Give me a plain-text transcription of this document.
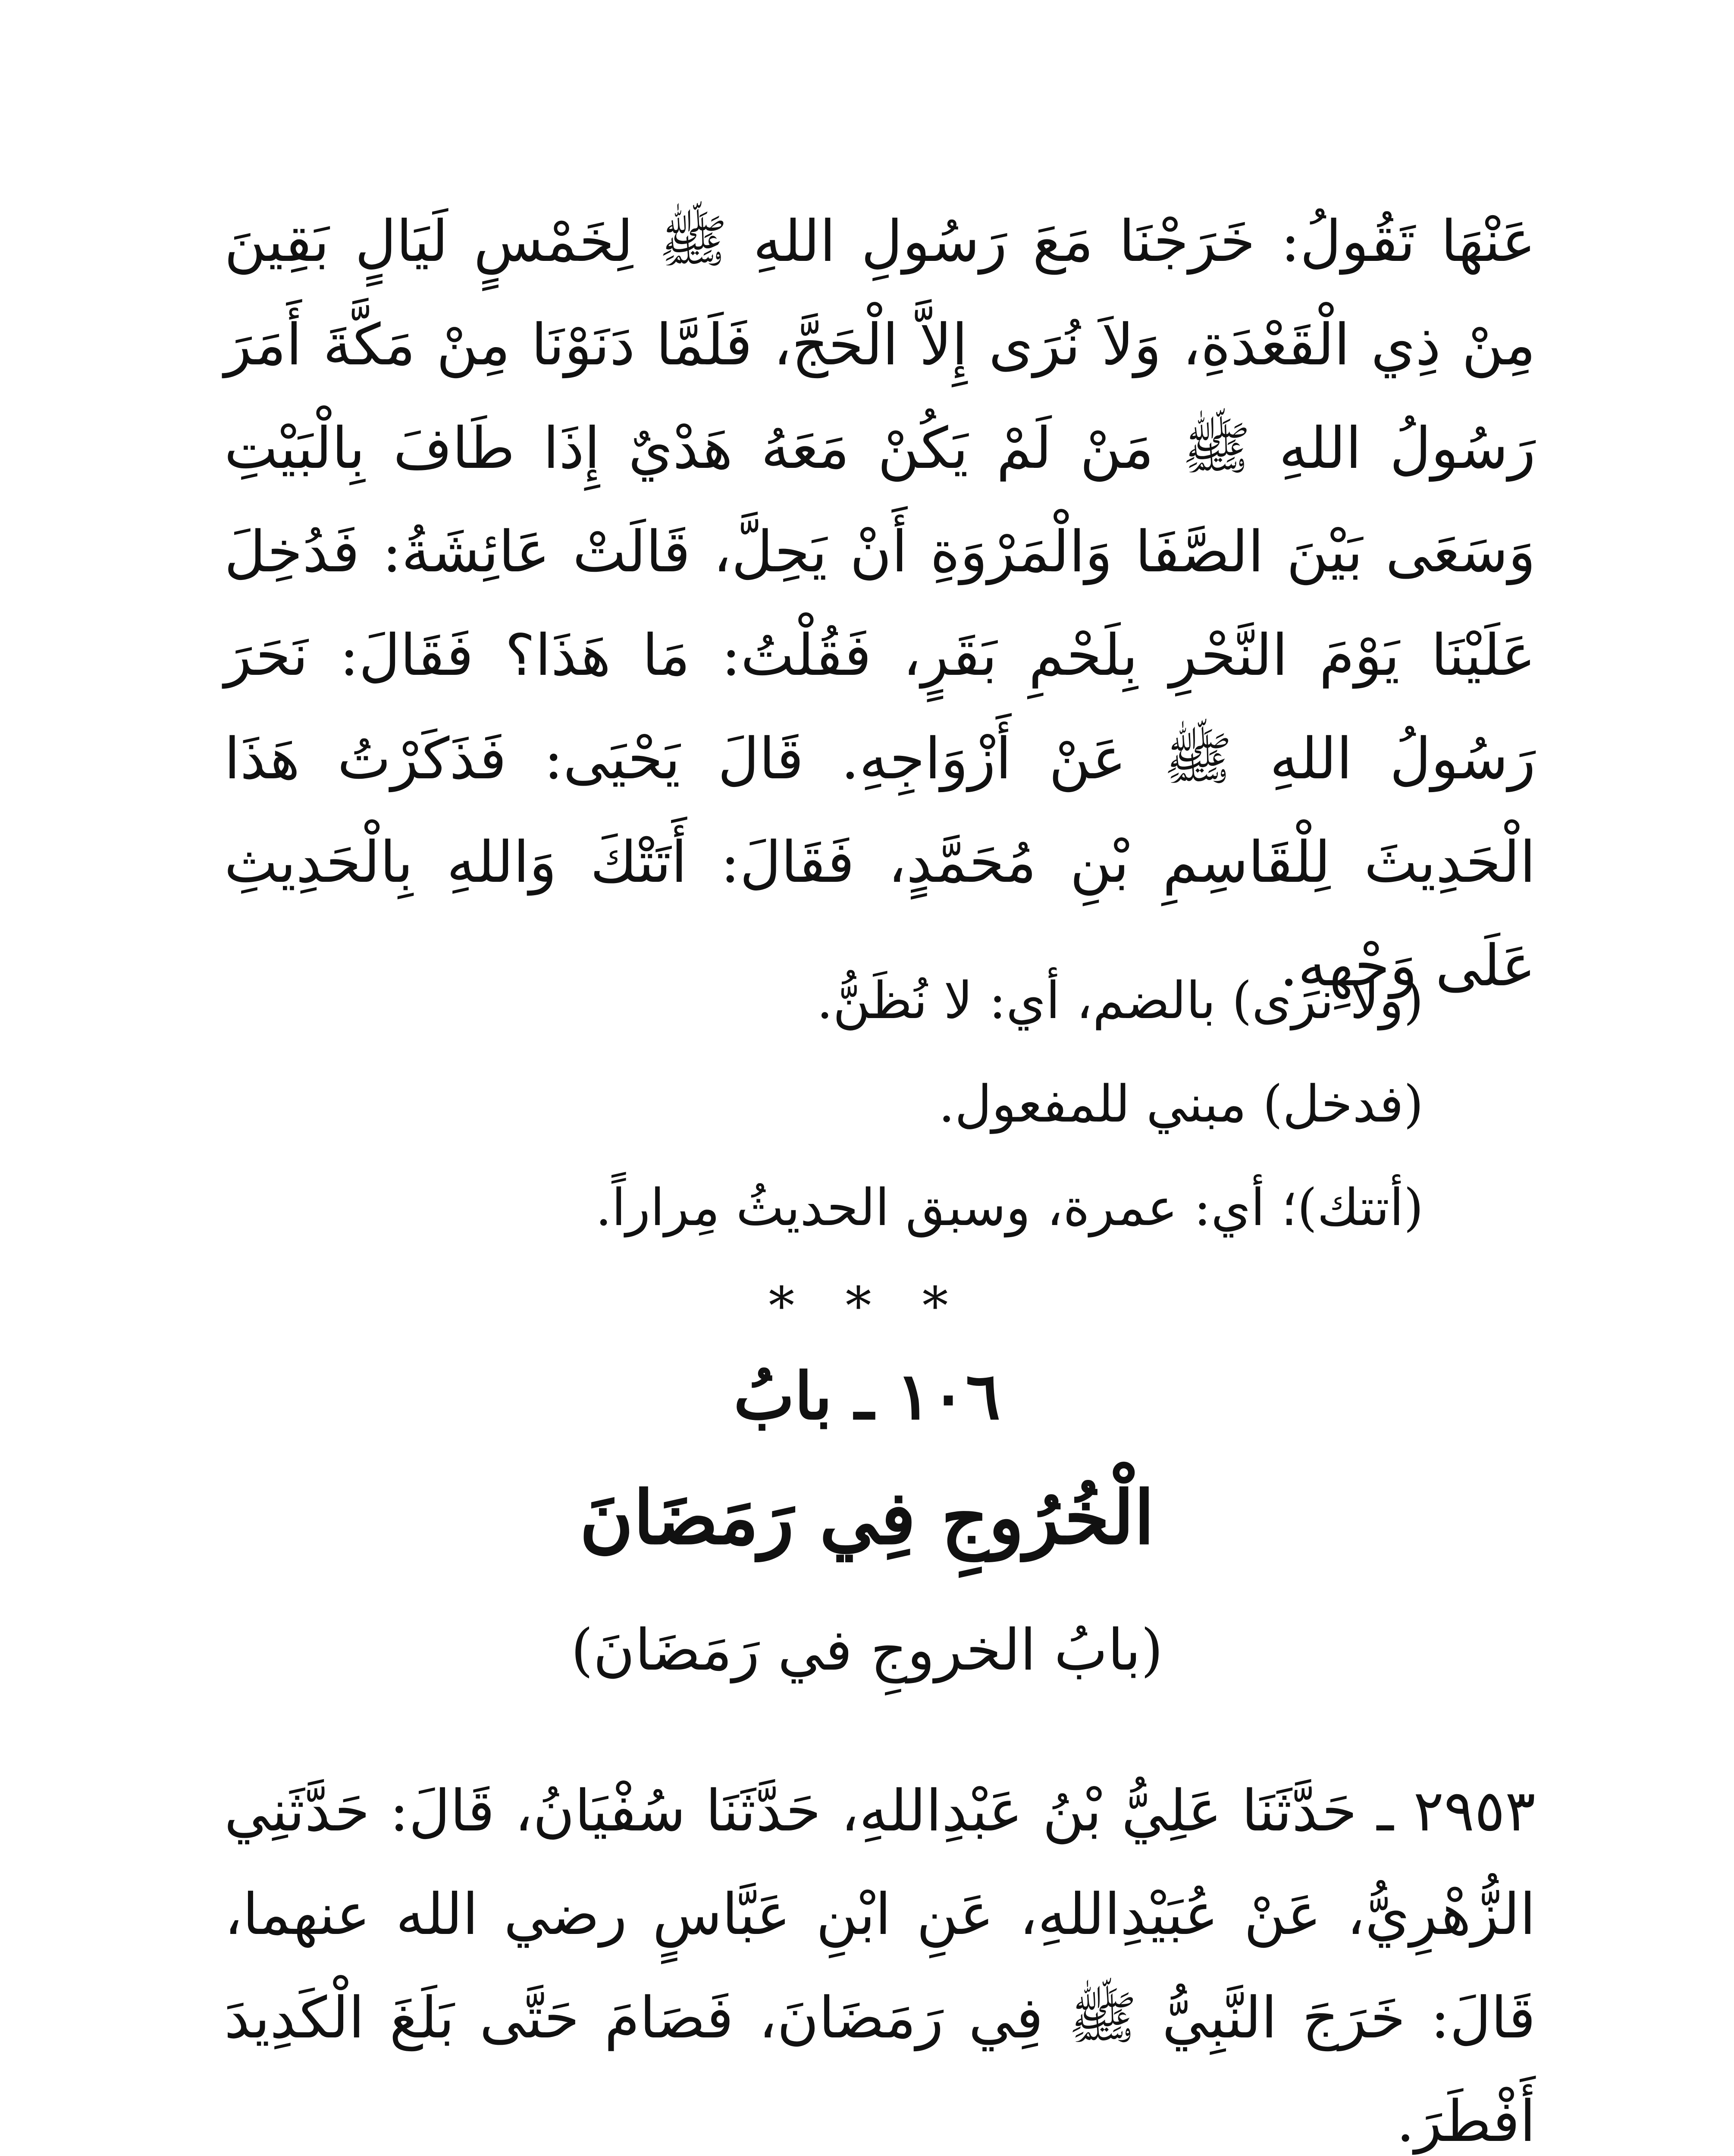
عَنْهَا تَقُولُ: خَرَجْنَا مَعَ رَسُولِ اللهِ ﷺ لِخَمْسٍ لَيَالٍ بَقِينَ مِنْ ذِي الْقَعْدَةِ، وَلاَ نُرَى إِلاَّ الْحَجَّ، فَلَمَّا دَنَوْنَا مِنْ مَكَّةَ أَمَرَ رَسُولُ اللهِ ﷺ مَنْ لَمْ يَكُنْ مَعَهُ هَدْيٌ إِذَا طَافَ بِالْبَيْتِ وَسَعَى بَيْنَ الصَّفَا وَالْمَرْوَةِ أَنْ يَحِلَّ، قَالَتْ عَائِشَةُ: فَدُخِلَ عَلَيْنَا يَوْمَ النَّحْرِ بِلَحْمِ بَقَرٍ، فَقُلْتُ: مَا هَذَا؟ فَقَالَ: نَحَرَ رَسُولُ اللهِ ﷺ عَنْ أَزْوَاجِهِ. قَالَ يَحْيَى: فَذَكَرْتُ هَذَا الْحَدِيثَ لِلْقَاسِمِ بْنِ مُحَمَّدٍ، فَقَالَ: أَتَتْكَ وَاللهِ بِالْحَدِيثِ عَلَى وَجْهِهِ.

(ولا نرى) بالضم، أي: لا نُظَنُّ.

(فدخل) مبني للمفعول.

(أتتك)؛ أي: عمرة، وسبق الحديثُ مِراراً.

* * *
١٠٦ ـ بابُ
الْخُرُوجِ فِي رَمَضَانَ
(بابُ الخروجِ في رَمَضَانَ)

٢٩٥٣ ـ حَدَّثَنَا عَلِيُّ بْنُ عَبْدِاللهِ، حَدَّثَنَا سُفْيَانُ، قَالَ: حَدَّثَنِي الزُّهْرِيُّ، عَنْ عُبَيْدِاللهِ، عَنِ ابْنِ عَبَّاسٍ رضي الله عنهما، قَالَ: خَرَجَ النَّبِيُّ ﷺ فِي رَمَضَانَ، فَصَامَ حَتَّى بَلَغَ الْكَدِيدَ أَفْطَرَ.
